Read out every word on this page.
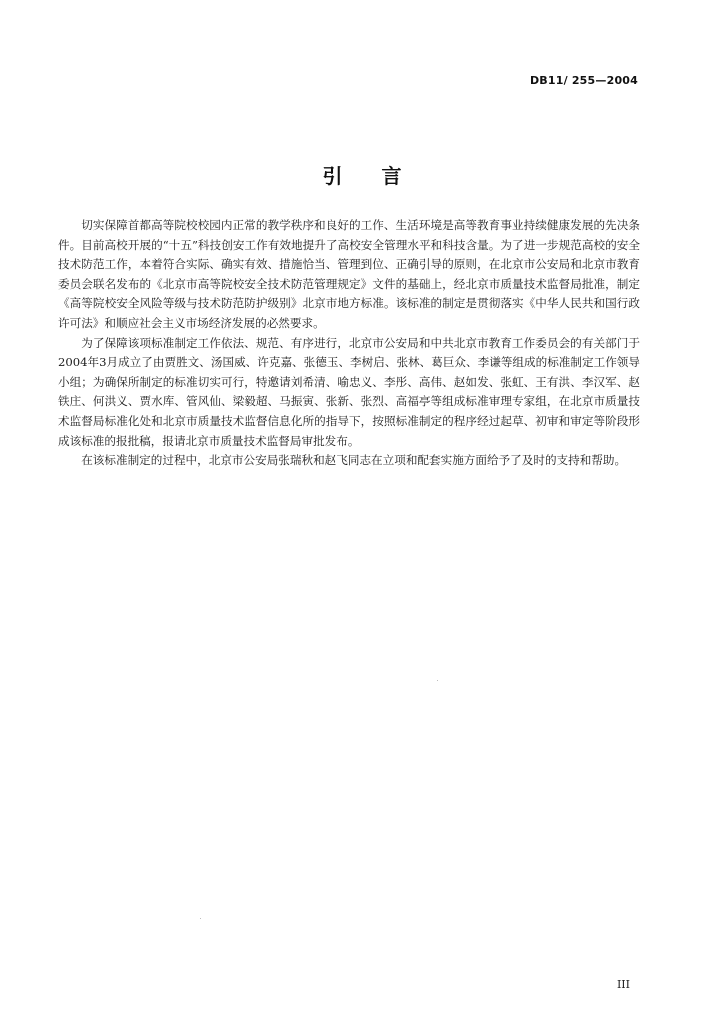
DB11/ 255—2004
引 言

切实保障首都高等院校校园内正常的教学秩序和良好的工作、生活环境是高等教育事业持续健康发展的先决条件。目前高校开展的“十五”科技创安工作有效地提升了高校安全管理水平和科技含量。为了进一步规范高校的安全技术防范工作，本着符合实际、确实有效、措施恰当、管理到位、正确引导的原则，在北京市公安局和北京市教育委员会联名发布的《北京市高等院校安全技术防范管理规定》文件的基础上，经北京市质量技术监督局批准，制定《高等院校安全风险等级与技术防范防护级别》北京市地方标准。该标准的制定是贯彻落实《中华人民共和国行政许可法》和顺应社会主义市场经济发展的必然要求。

为了保障该项标准制定工作依法、规范、有序进行，北京市公安局和中共北京市教育工作委员会的有关部门于2004年3月成立了由贾胜文、汤国威、许克嘉、张德玉、李树启、张林、葛巨众、李谦等组成的标准制定工作领导小组；为确保所制定的标准切实可行，特邀请刘希清、喻忠义、李彤、高伟、赵如发、张虹、王有洪、李汉军、赵铁庄、何洪义、贾水库、管风仙、梁毅超、马振寅、张新、张烈、高福亭等组成标准审理专家组，在北京市质量技术监督局标准化处和北京市质量技术监督信息化所的指导下，按照标准制定的程序经过起草、初审和审定等阶段形成该标准的报批稿，报请北京市质量技术监督局审批发布。

在该标准制定的过程中，北京市公安局张瑞秋和赵飞同志在立项和配套实施方面给予了及时的支持和帮助。

III
